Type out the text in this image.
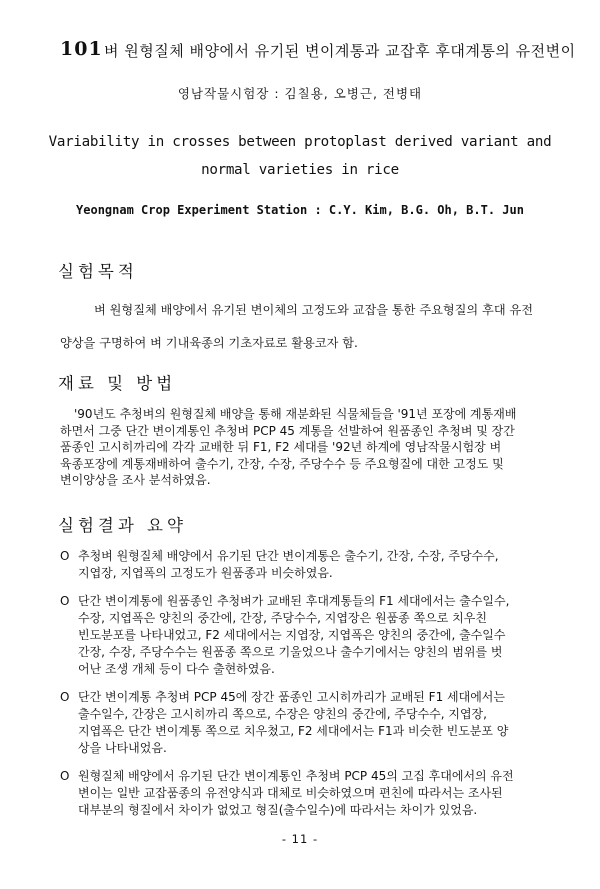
101 벼 원형질체 배양에서 유기된 변이계통과 교잡후 후대계통의 유전변이
영남작물시험장 : 김칠용, 오병근, 전병태
Variability in crosses between protoplast derived variant and
normal varieties in rice
Yeongnam Crop Experiment Station : C.Y. Kim, B.G. Oh, B.T. Jun
실험목적
벼 원형질체 배양에서 유기된 변이체의 고정도와 교잡을 통한 주요형질의 후대 유전
양상을 구명하여 벼 기내육종의 기초자료로 활용코자 함.
재료 및 방법
'90년도 추청벼의 원형질체 배양을 통해 재분화된 식물체들을 '91년 포장에 계통재배
하면서 그중 단간 변이계통인 추청벼 PCP 45 계통을 선발하여 원품종인 추청벼 및 장간
품종인 고시히까리에 각각 교배한 뒤 F1, F2 세대를 '92년 하계에 영남작물시험장 벼
육종포장에 계통재배하여 출수기, 간장, 수장, 주당수수 등 주요형질에 대한 고정도 및
변이양상을 조사 분석하였음.
실험결과 요약
O 추청벼 원형질체 배양에서 유기된 단간 변이계통은 출수기, 간장, 수장, 주당수수,
지엽장, 지엽폭의 고정도가 원품종과 비슷하였음.
O 단간 변이계통에 원품종인 추청벼가 교배된 후대계통들의 F1 세대에서는 출수일수,
수장, 지엽폭은 양친의 중간에, 간장, 주당수수, 지엽장은 원품종 쪽으로 치우친
빈도분포를 나타내었고, F2 세대에서는 지엽장, 지엽폭은 양친의 중간에, 출수일수
간장, 수장, 주당수수는 원품종 쪽으로 기울었으나 출수기에서는 양친의 범위를 벗
어난 조생 개체 등이 다수 출현하였음.
O 단간 변이계통 추청벼 PCP 45에 장간 품종인 고시히까리가 교배된 F1 세대에서는
출수일수, 간장은 고시히까리 쪽으로, 수장은 양친의 중간에, 주당수수, 지엽장,
지엽폭은 단간 변이계통 쪽으로 치우쳤고, F2 세대에서는 F1과 비슷한 빈도분포 양
상을 나타내었음.
O 원형질체 배양에서 유기된 단간 변이계통인 추청벼 PCP 45의 고집 후대에서의 유전
변이는 일반 교잡품종의 유전양식과 대체로 비슷하였으며 편친에 따라서는 조사된
대부분의 형질에서 차이가 없었고 형질(출수일수)에 따라서는 차이가 있었음.
- 11 -
